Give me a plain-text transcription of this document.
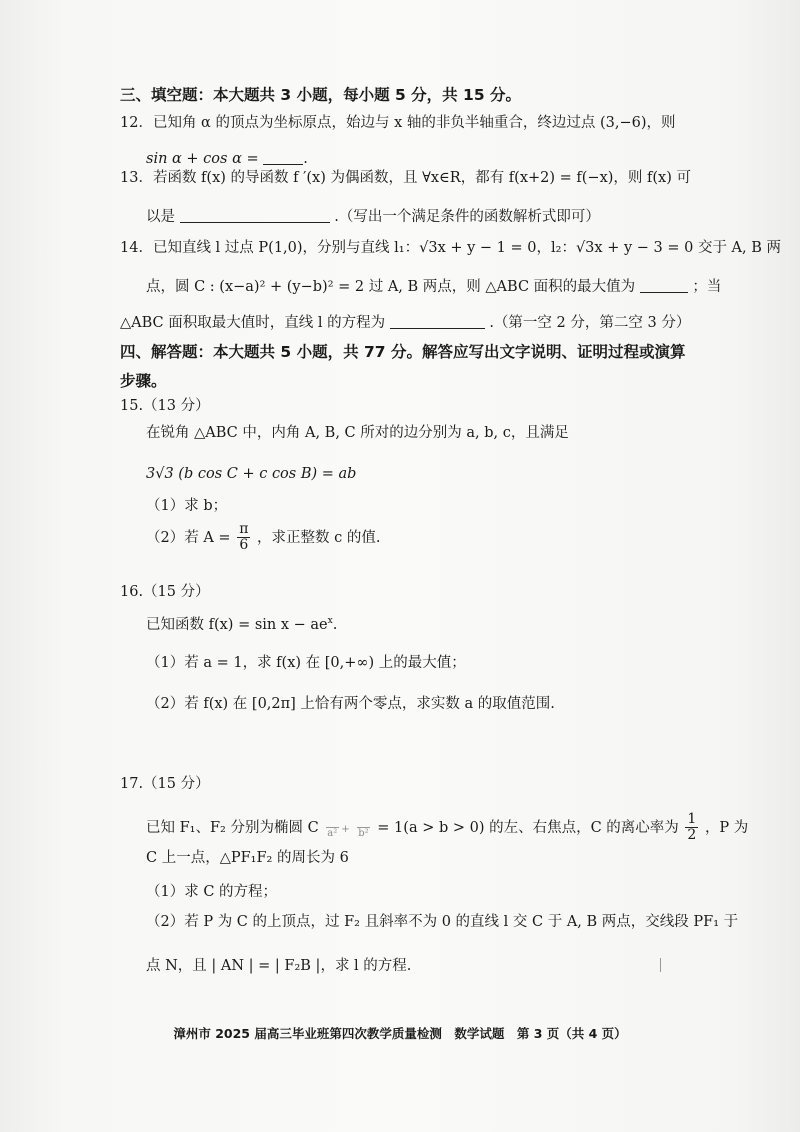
三、填空题：本大题共 3 小题，每小题 5 分，共 15 分。
12．已知角 α 的顶点为坐标原点，始边与 x 轴的非负半轴重合，终边过点 (3,−6)，则
sin α + cos α =	.
13．若函数 f(x) 的导函数 f ′(x) 为偶函数，且 ∀x∈R，都有 f(x+2) = f(−x)，则 f(x) 可
以是	.（写出一个满足条件的函数解析式即可）
14．已知直线 l 过点 P(1,0)，分别与直线 l₁：√3x + y − 1 = 0，l₂：√3x + y − 3 = 0 交于 A, B 两
点，圆 C : (x−a)² + (y−b)² = 2 过 A, B 两点，则 △ABC 面积的最大值为	；当
△ABC 面积取最大值时，直线 l 的方程为	.（第一空 2 分，第二空 3 分）
四、解答题：本大题共 5 小题，共 77 分。解答应写出文字说明、证明过程或演算
步骤。
15.（13 分）
在锐角 △ABC 中，内角 A, B, C 所对的边分别为 a, b, c，且满足
3√3 (b cos C + c cos B) = ab
（1）求 b；
（2）若 $A = \frac{\pi}{6}$ ，求正整数 c 的值.
16.（15 分）
已知函数 $f(x) = \sin x - ae^x$.
（1）若 a = 1，求 f(x) 在 [0,+∞) 上的最大值；
（2）若 f(x) 在 [0,2π] 上恰有两个零点，求实数 a 的取值范围.
17.（15 分）
已知 F₁、F₂ 分别为椭圆 C
a² +
b² = 1(a > b > 0) 的左、右焦点，C 的离心率为 $\frac{1}{2}$ ，P 为
C 上一点，△PF₁F₂ 的周长为 6
（1）求 C 的方程；
（2）若 P 为 C 的上顶点，过 F₂ 且斜率不为 0 的直线 l 交 C 于 A, B 两点，交线段 PF₁ 于
点 N，且 | AN | = | F₂B |，求 l 的方程.
漳州市 2025 届高三毕业班第四次教学质量检测　数学试题　第 3 页（共 4 页）
